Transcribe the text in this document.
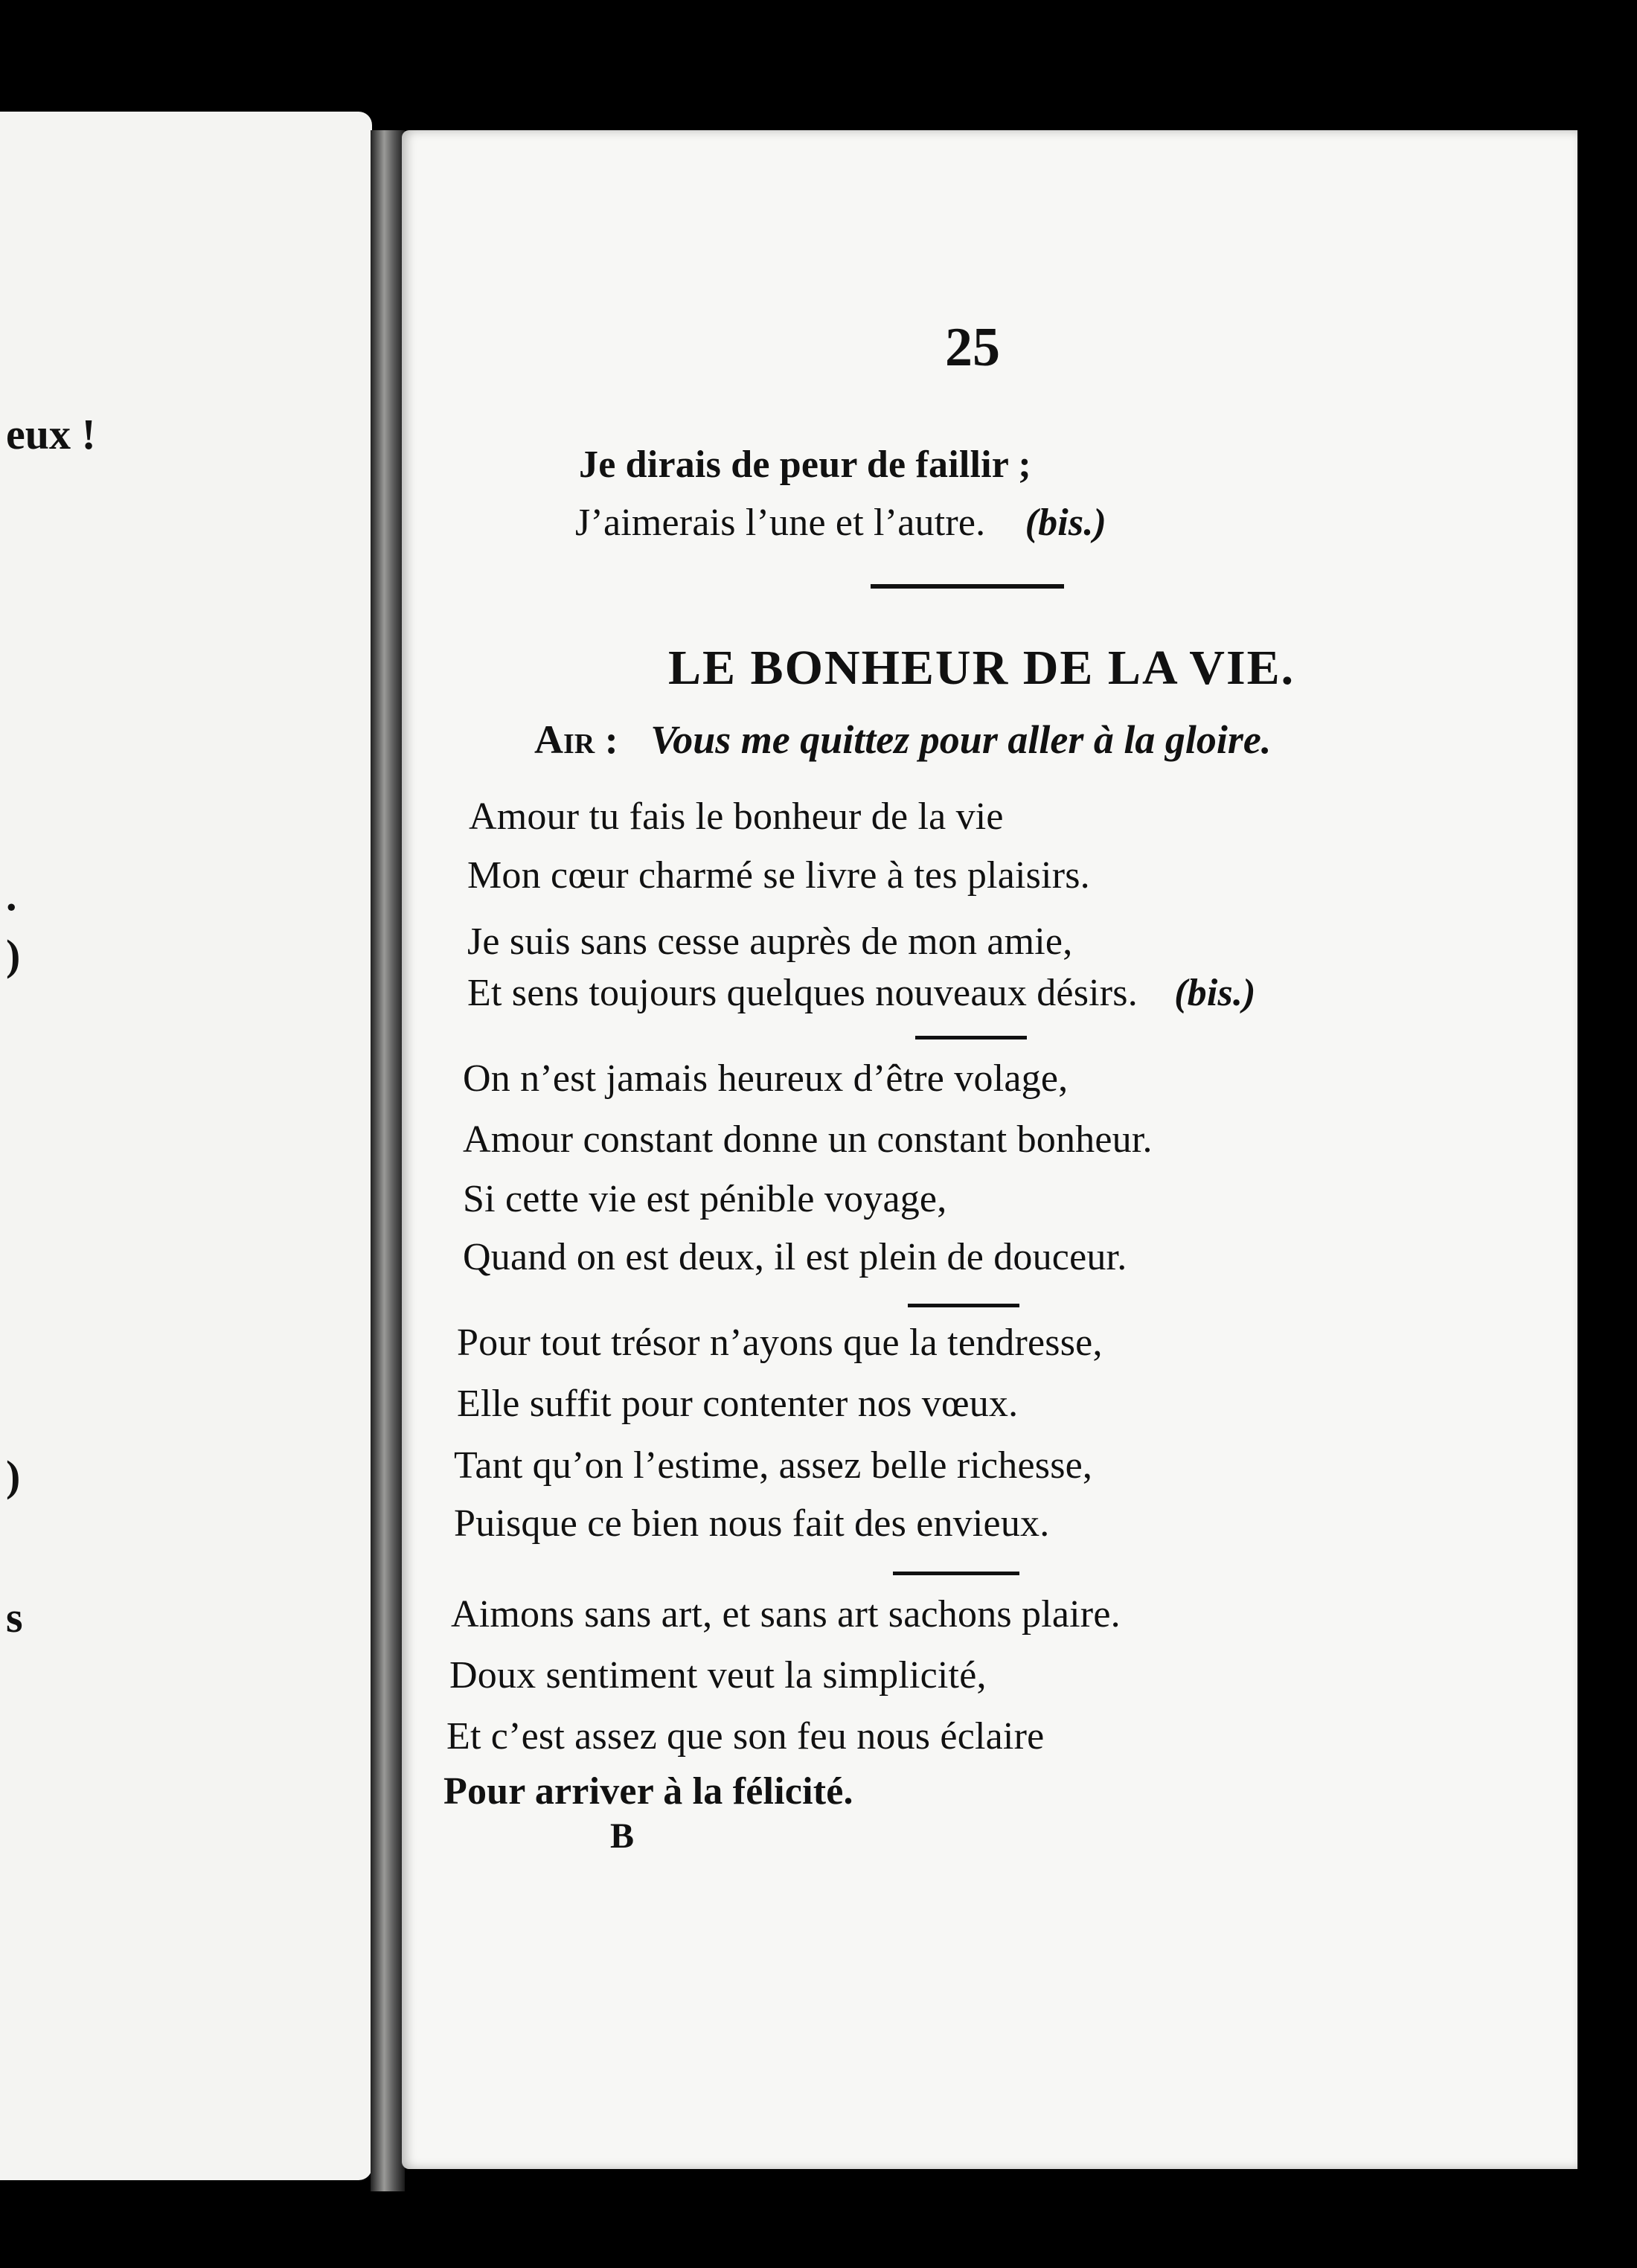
eux !
.
)
)
s
25
Je dirais de peur de faillir ;
J’aimerais l’une et l’autre. (bis.)
LE BONHEUR DE LA VIE.
Air : Vous me quittez pour aller à la gloire.
Amour tu fais le bonheur de la vie
Mon cœur charmé se livre à tes plaisirs.
Je suis sans cesse auprès de mon amie,
Et sens toujours quelques nouveaux désirs. (bis.)
On n’est jamais heureux d’être volage,
Amour constant donne un constant bonheur.
Si cette vie est pénible voyage,
Quand on est deux, il est plein de douceur.
Pour tout trésor n’ayons que la tendresse,
Elle suffit pour contenter nos vœux.
Tant qu’on l’estime, assez belle richesse,
Puisque ce bien nous fait des envieux.
Aimons sans art, et sans art sachons plaire.
Doux sentiment veut la simplicité,
Et c’est assez que son feu nous éclaire
Pour arriver à la félicité.
B
